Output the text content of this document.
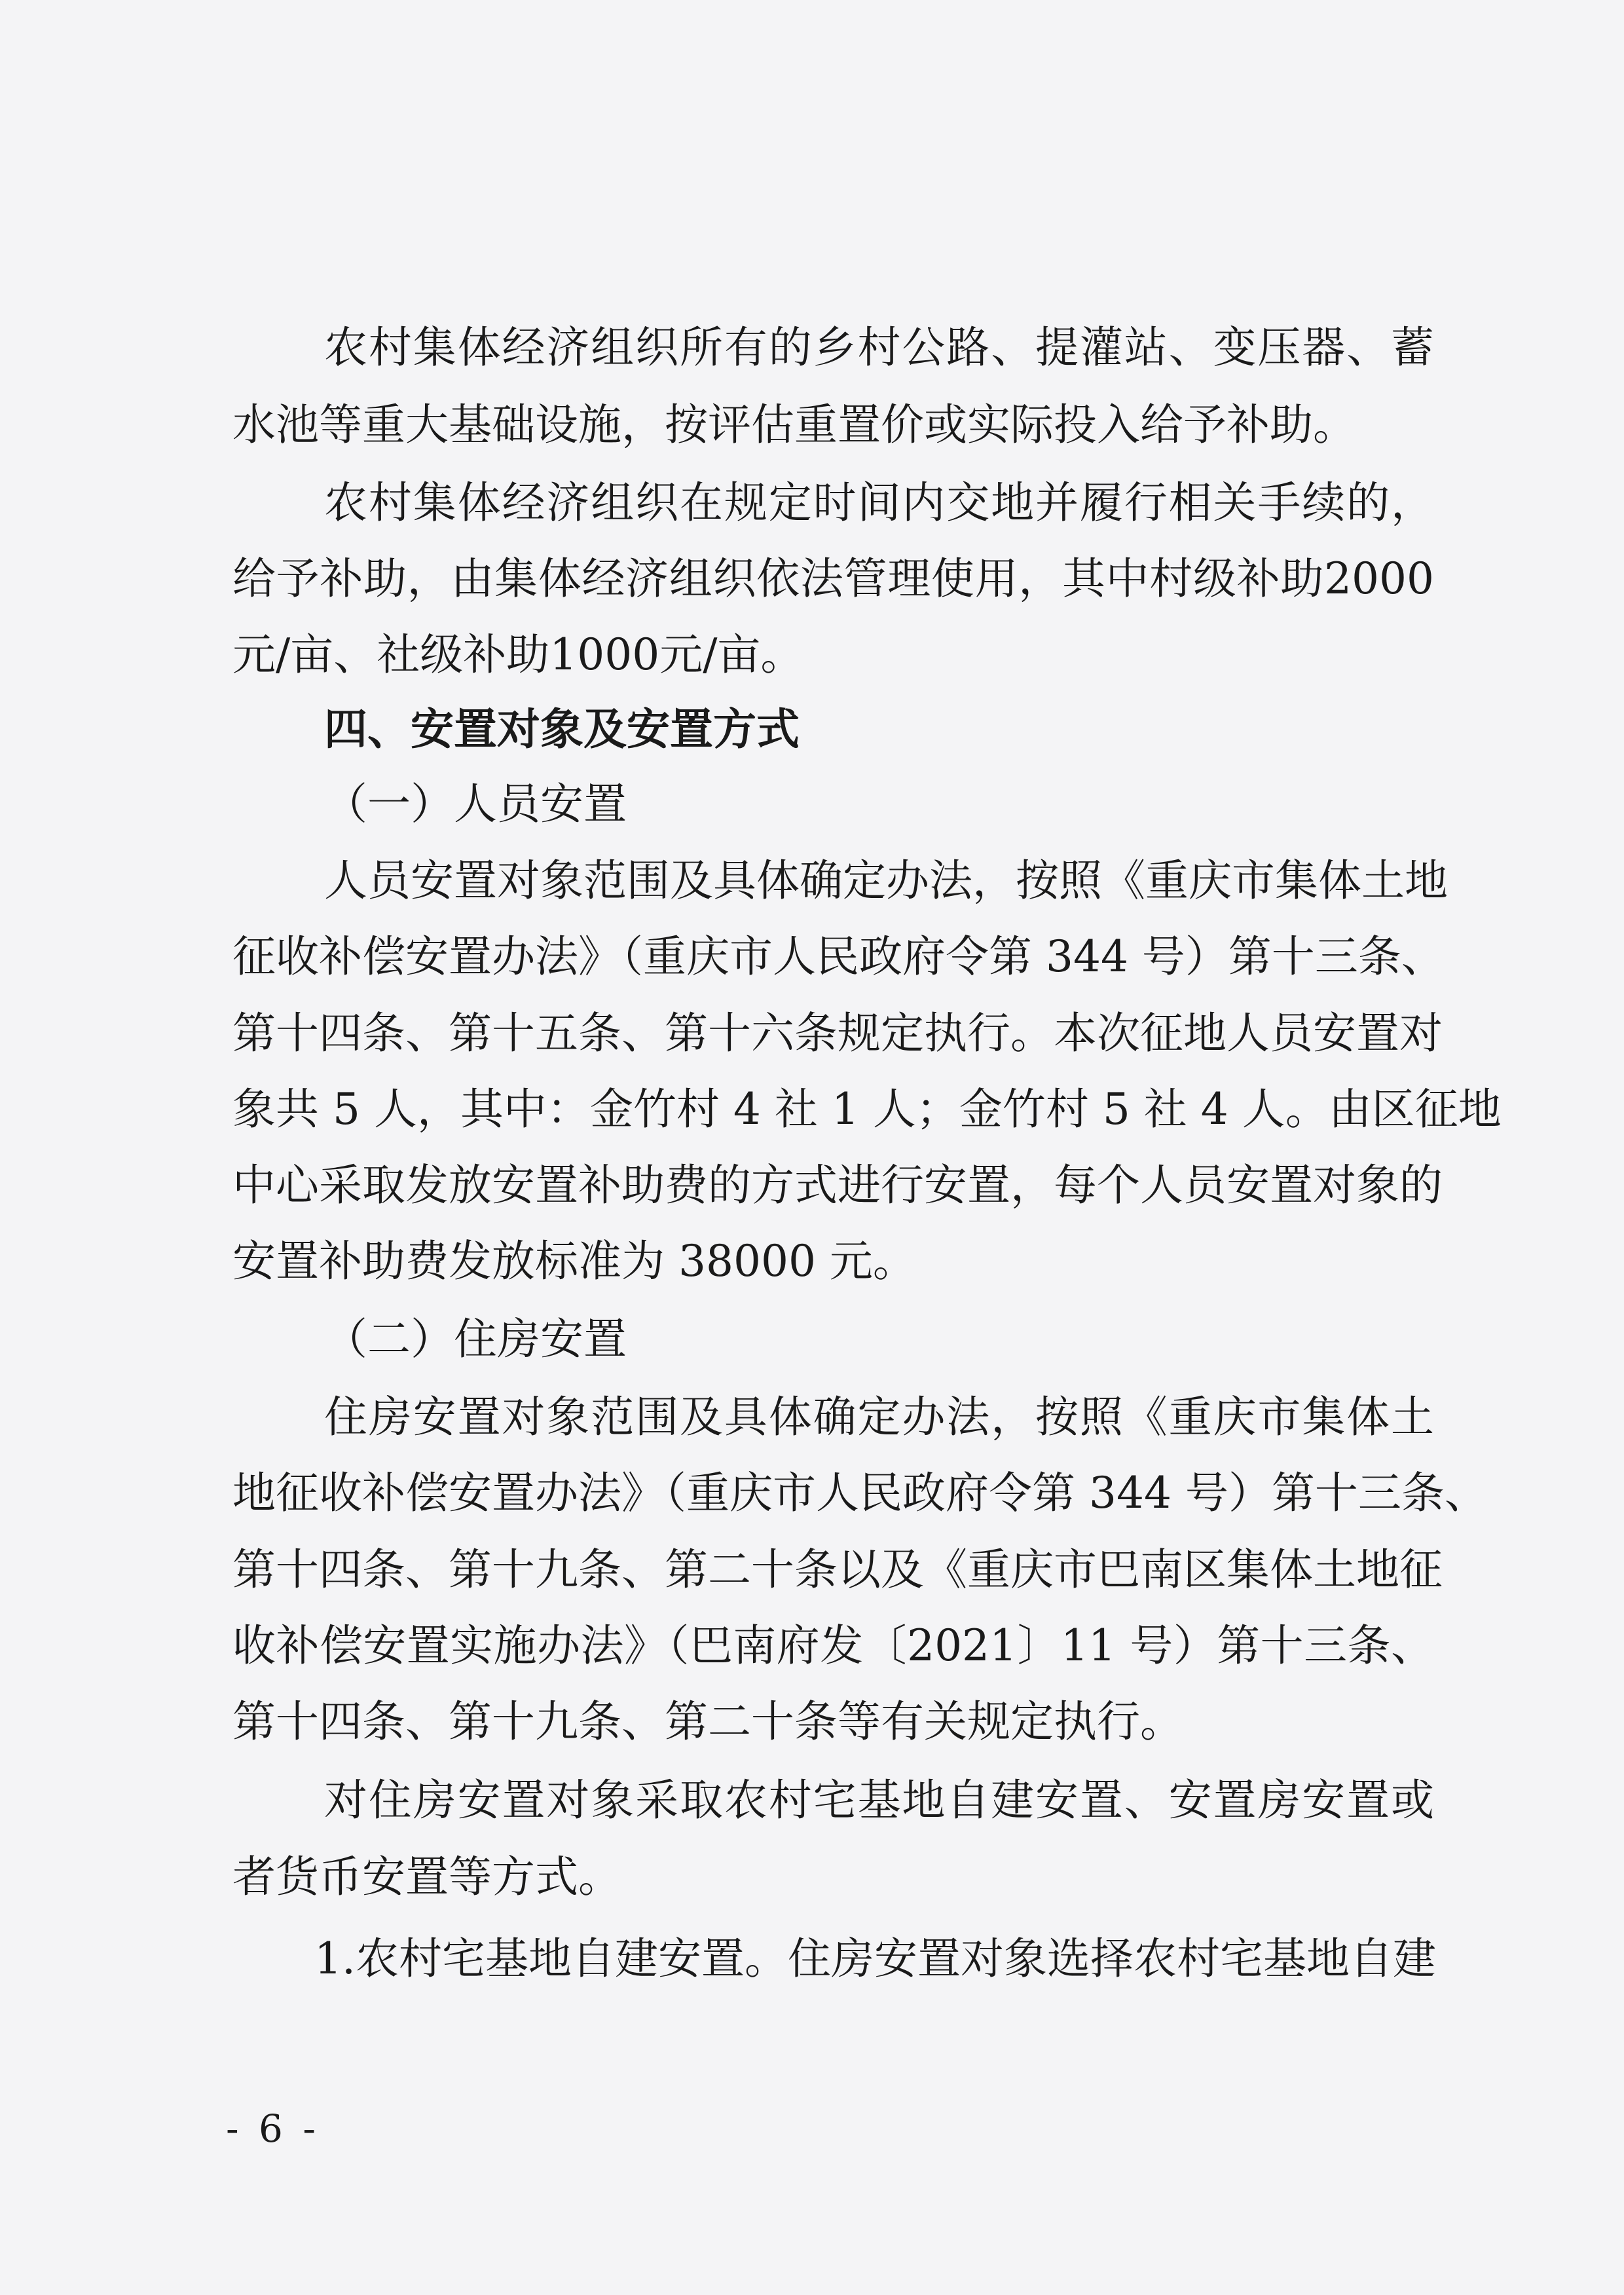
农村集体经济组织所有的乡村公路、提灌站、变压器、蓄
水池等重大基础设施，按评估重置价或实际投入给予补助。
农村集体经济组织在规定时间内交地并履行相关手续的，
给予补助，由集体经济组织依法管理使用，其中村级补助2000
元/亩、社级补助1000元/亩。
四、安置对象及安置方式
（一）人员安置
人员安置对象范围及具体确定办法，按照《重庆市集体土地
征收补偿安置办法》（重庆市人民政府令第 344 号）第十三条、
第十四条、第十五条、第十六条规定执行。本次征地人员安置对
象共 5 人，其中：金竹村 4 社 1 人；金竹村 5 社 4 人。由区征地
中心采取发放安置补助费的方式进行安置，每个人员安置对象的
安置补助费发放标准为 38000 元。
（二）住房安置
住房安置对象范围及具体确定办法，按照《重庆市集体土
地征收补偿安置办法》（重庆市人民政府令第 344 号）第十三条、
第十四条、第十九条、第二十条以及《重庆市巴南区集体土地征
收补偿安置实施办法》（巴南府发〔2021〕11 号）第十三条、
第十四条、第十九条、第二十条等有关规定执行。
对住房安置对象采取农村宅基地自建安置、安置房安置或
者货币安置等方式。
1.农村宅基地自建安置。住房安置对象选择农村宅基地自建
- 6 -
